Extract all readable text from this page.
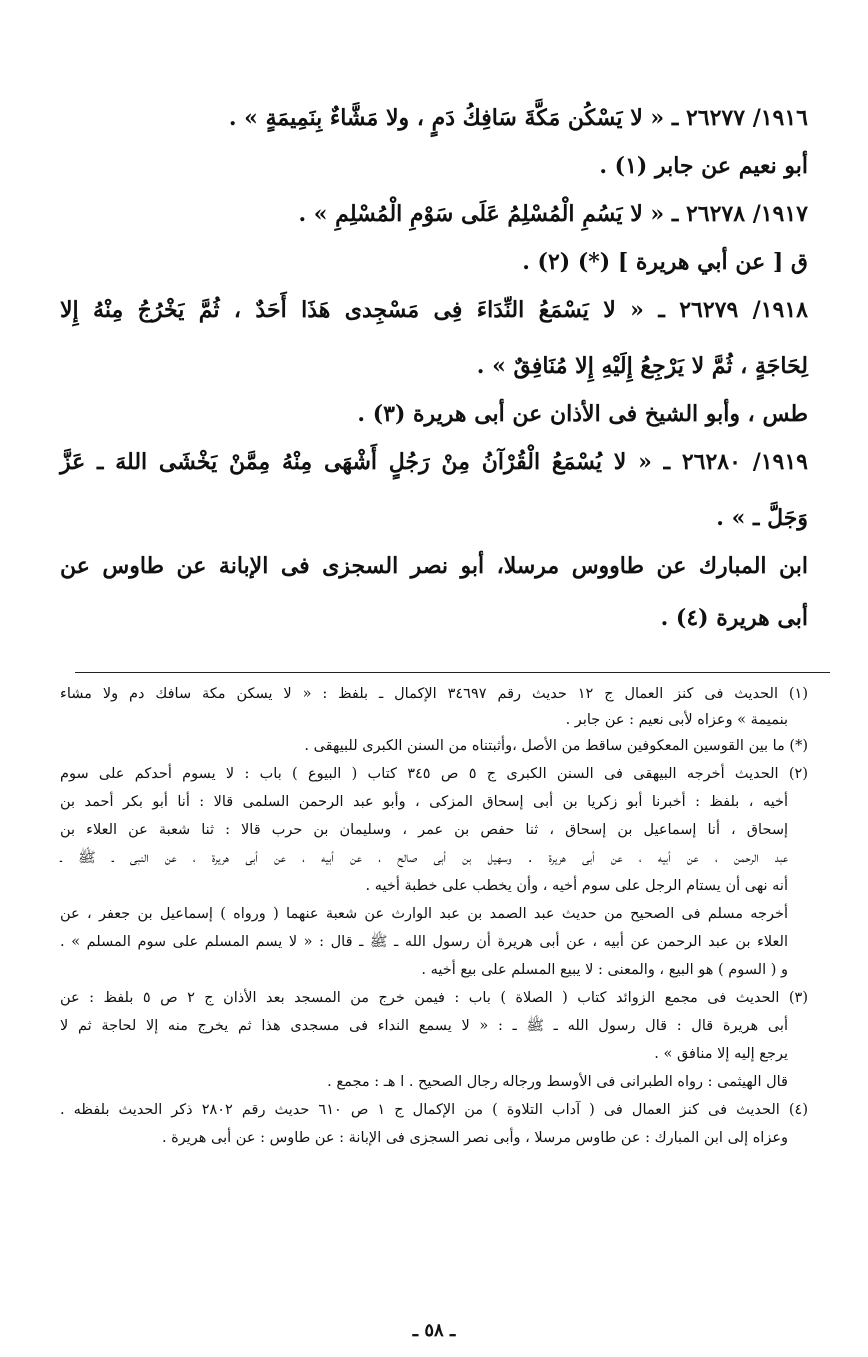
١٩١٦/ ٢٦٢٧٧ ـ « لا يَسْكُن مَكَّةَ سَافِكُ دَمٍ ، ولا مَشَّاءٌ بِنَمِيمَةٍ » .
أبو نعيم عن جابر (١) .
١٩١٧/ ٢٦٢٧٨ ـ « لا يَسُمِ الْمُسْلِمُ عَلَى سَوْمِ الْمُسْلِمِ » .
ق [ عن أبي هريرة ] (*) (٢) .
١٩١٨/ ٢٦٢٧٩ ـ « لا يَسْمَعُ النِّدَاءَ فِى مَسْجِدى هَذَا أَحَدٌ ، ثُمَّ يَخْرُجُ مِنْهُ إِلا
لِحَاجَةٍ ، ثُمَّ لا يَرْجِعُ إِلَيْهِ إِلا مُنَافِقٌ » .
طس ، وأبو الشيخ فى الأذان عن أبى هريرة (٣) .
١٩١٩/ ٢٦٢٨٠ ـ « لا يُسْمَعُ الْقُرْآنُ مِنْ رَجُلٍ أَشْهَى مِنْهُ مِمَّنْ يَخْشَى اللهَ ـ عَزَّ
وَجَلَّ ـ » .
ابن المبارك عن طاووس مرسلا، أبو نصر السجزى فى الإبانة عن طاوس عن
أبى هريرة (٤) .
(١) الحديث فى كنز العمال ج ١٢ حديث رقم ٣٤٦٩٧ الإكمال ـ بلفظ : « لا يسكن مكة سافك دم ولا مشاء
بنميمة » وعزاه لأبى نعيم : عن جابر .
(*) ما بين القوسين المعكوفين ساقط من الأصل ،وأثبتناه من السنن الكبرى للبيهقى .
(٢) الحديث أخرجه البيهقى فى السنن الكبرى ج ٥ ص ٣٤٥ كتاب ( البيوع ) باب : لا يسوم أحدكم على سوم
أخيه ، بلفظ : أخبرنا أبو زكريا بن أبى إسحاق المزكى ، وأبو عبد الرحمن السلمى قالا : أنا أبو بكر أحمد بن
إسحاق ، أنا إسماعيل بن إسحاق ، ثنا حفص بن عمر ، وسليمان بن حرب قالا : ثنا شعبة عن العلاء بن
عبد الرحمن ، عن أبيه ، عن أبى هريرة . وسهيل بن أبى صالح ، عن أبيه ، عن أبى هريرة ، عن النبى ـ ﷺ ـ
أنه نهى أن يستام الرجل على سوم أخيه ، وأن يخطب على خطبة أخيه .
أخرجه مسلم فى الصحيح من حديث عبد الصمد بن عبد الوارث عن شعبة عنهما ( ورواه ) إسماعيل بن جعفر ، عن
العلاء بن عبد الرحمن عن أبيه ، عن أبى هريرة أن رسول الله ـ ﷺ ـ قال : « لا يسم المسلم على سوم المسلم » .
و ( السوم ) هو البيع ، والمعنى : لا يبيع المسلم على بيع أخيه .
(٣) الحديث فى مجمع الزوائد كتاب ( الصلاة ) باب : فيمن خرج من المسجد بعد الأذان ج ٢ ص ٥ بلفظ : عن
أبى هريرة قال : قال رسول الله ـ ﷺ ـ : « لا يسمع النداء فى مسجدى هذا ثم يخرج منه إلا لحاجة ثم لا
يرجع إليه إلا منافق » .
قال الهيثمى : رواه الطبرانى فى الأوسط ورجاله رجال الصحيح . ا هـ : مجمع .
(٤) الحديث فى كنز العمال فى ( آداب التلاوة ) من الإكمال ج ١ ص ٦١٠ حديث رقم ٢٨٠٢ ذكر الحديث بلفظه .
وعزاه إلى ابن المبارك : عن طاوس مرسلا ، وأبى نصر السجزى فى الإبانة : عن طاوس : عن أبى هريرة .
ـ ٥٨ ـ
